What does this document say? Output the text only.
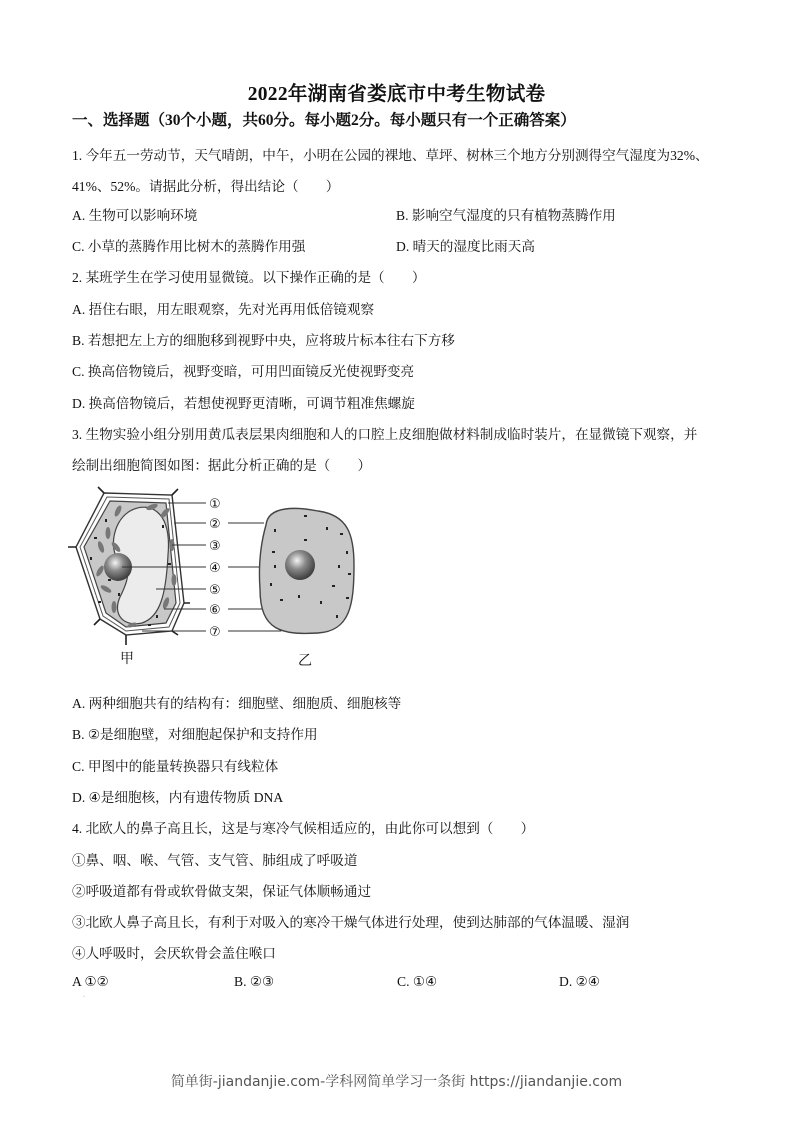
2022年湖南省娄底市中考生物试卷
一、选择题（30个小题，共60分。每小题2分。每小题只有一个正确答案）
1. 今年五一劳动节，天气晴朗，中午，小明在公园的裸地、草坪、树林三个地方分别测得空气湿度为32%、
41%、52%。请据此分析，得出结论（　　）
A. 生物可以影响环境	B. 影响空气湿度的只有植物蒸腾作用
C. 小草的蒸腾作用比树木的蒸腾作用强	D. 晴天的湿度比雨天高
2. 某班学生在学习使用显微镜。以下操作正确的是（　　）
A. 捂住右眼，用左眼观察，先对光再用低倍镜观察
B. 若想把左上方的细胞移到视野中央，应将玻片标本往右下方移
C. 换高倍物镜后，视野变暗，可用凹面镜反光使视野变亮
D. 换高倍物镜后，若想使视野更清晰，可调节粗准焦螺旋
3. 生物实验小组分别用黄瓜表层果肉细胞和人的口腔上皮细胞做材料制成临时装片，在显微镜下观察，并
绘制出细胞简图如图：据此分析正确的是（　　）
①
②
③
④
⑤
⑥
⑦
甲	乙
A. 两种细胞共有的结构有：细胞壁、细胞质、细胞核等
B. ②是细胞壁，对细胞起保护和支持作用
C. 甲图中的能量转换器只有线粒体
D. ④是细胞核，内有遗传物质 DNA
4. 北欧人的鼻子高且长，这是与寒冷气候相适应的，由此你可以想到（　　）
①鼻、咽、喉、气管、支气管、肺组成了呼吸道
②呼吸道都有骨或软骨做支架，保证气体顺畅通过
③北欧人鼻子高且长，有利于对吸入的寒冷干燥气体进行处理，使到达肺部的气体温暖、湿润
④人呼吸时，会厌软骨会盖住喉口
A ①②	B. ②③	C. ①④	D. ②④
·
简单街-jiandanjie.com-学科网简单学习一条街 https://jiandanjie.com
